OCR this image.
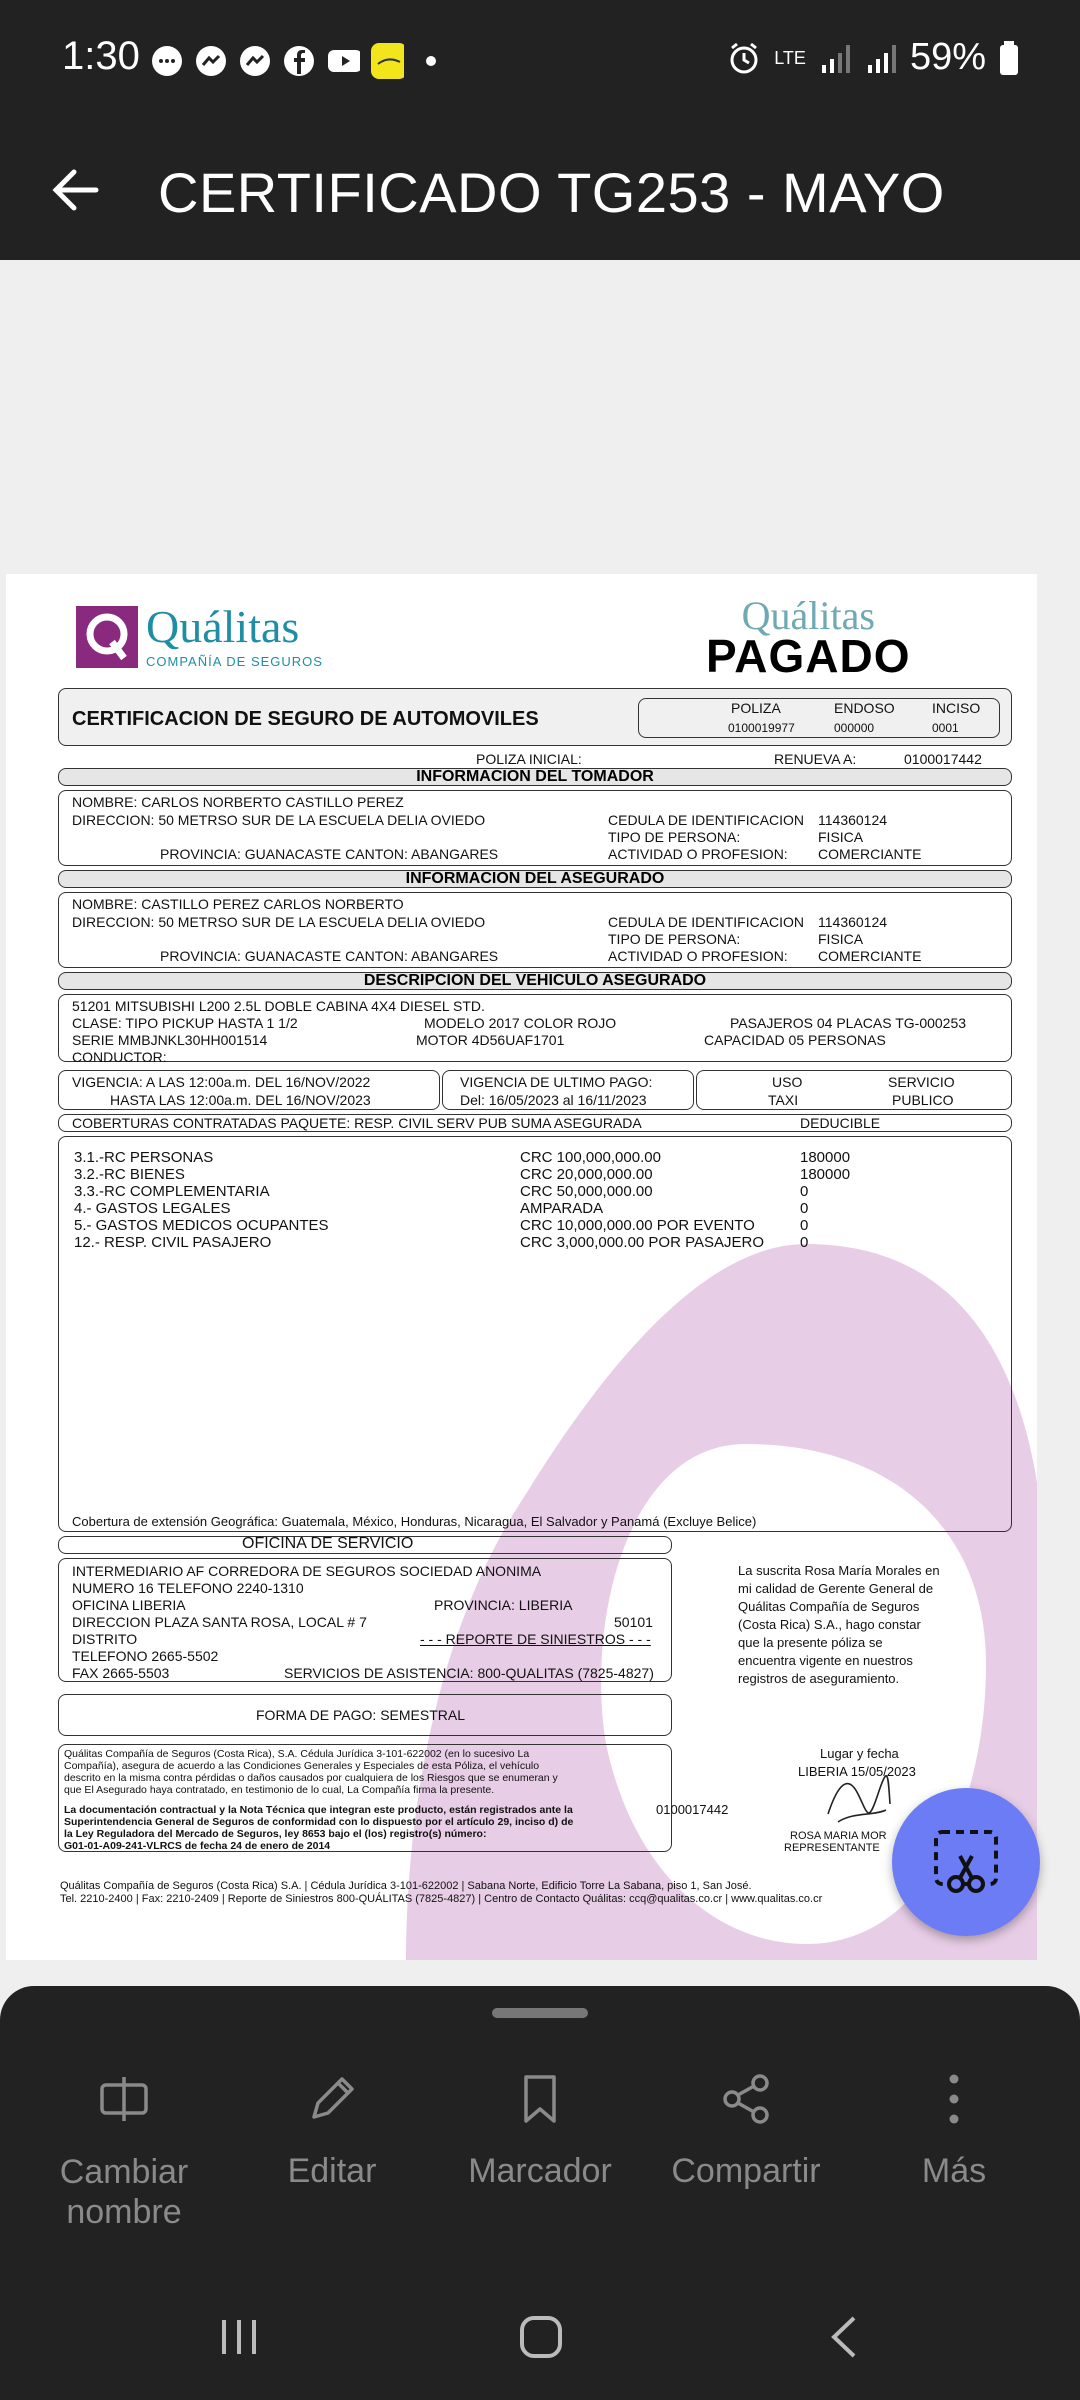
1:30	LTE	59%
CERTIFICADO TG253 - MAYO
Quálitas
COMPAÑÍA DE SEGUROS
Quálitas
PAGADO
CERTIFICACION DE SEGURO DE AUTOMOVILES	POLIZA	ENDOSO	INCISO
0100019977	000000	0001
POLIZA INICIAL:	RENUEVA A:	0100017442
INFORMACION DEL TOMADOR
NOMBRE: CARLOS NORBERTO CASTILLO PEREZ
DIRECCION: 50 METRSO SUR DE LA ESCUELA DELIA OVIEDO
PROVINCIA: GUANACASTE CANTON: ABANGARES
CEDULA DE IDENTIFICACION 114360124
TIPO DE PERSONA:	FISICA
ACTIVIDAD O PROFESION: COMERCIANTE
INFORMACION DEL ASEGURADO
NOMBRE: CASTILLO PEREZ CARLOS NORBERTO
DIRECCION: 50 METRSO SUR DE LA ESCUELA DELIA OVIEDO
PROVINCIA: GUANACASTE CANTON: ABANGARES
CEDULA DE IDENTIFICACION 114360124
TIPO DE PERSONA:	FISICA
ACTIVIDAD O PROFESION: COMERCIANTE
DESCRIPCION DEL VEHICULO ASEGURADO
51201 MITSUBISHI L200 2.5L DOBLE CABINA 4X4 DIESEL STD.
CLASE: TIPO PICKUP HASTA 1 1/2	MODELO 2017 COLOR ROJO	PASAJEROS 04 PLACAS TG-000253
SERIE MMBJNKL30HH001514	MOTOR 4D56UAF1701	CAPACIDAD 05 PERSONAS
CONDUCTOR:
VIGENCIA: A LAS 12:00a.m. DEL 16/NOV/2022
HASTA LAS 12:00a.m. DEL 16/NOV/2023
VIGENCIA DE ULTIMO PAGO:
Del: 16/05/2023 al 16/11/2023
USO
TAXI
SERVICIO
PUBLICO
COBERTURAS CONTRATADAS PAQUETE: RESP. CIVIL SERV PUB SUMA ASEGURADA	DEDUCIBLE
3.1.-RC PERSONAS	CRC 100,000,000.00	180000
3.2.-RC BIENES	CRC 20,000,000.00	180000
3.3.-RC COMPLEMENTARIA	CRC 50,000,000.00	0
4.- GASTOS LEGALES	AMPARADA	0
5.- GASTOS MEDICOS OCUPANTES	CRC 10,000,000.00 POR EVENTO	0
12.- RESP. CIVIL PASAJERO	CRC 3,000,000.00 POR PASAJERO 0
Cobertura de extensión Geográfica: Guatemala, México, Honduras, Nicaragua, El Salvador y Panamá (Excluye Belice)
OFICINA DE SERVICIO
INTERMEDIARIO AF CORREDORA DE SEGUROS SOCIEDAD ANONIMA
NUMERO 16 TELEFONO 2240-1310
OFICINA LIBERIA	PROVINCIA: LIBERIA
DIRECCION PLAZA SANTA ROSA, LOCAL # 7	50101
DISTRITO	- - - REPORTE DE SINIESTROS - - -
TELEFONO 2665-5502
FAX 2665-5503	SERVICIOS DE ASISTENCIA: 800-QUALITAS (7825-4827)
La suscrita Rosa María Morales en
mi calidad de Gerente General de
Quálitas Compañía de Seguros
(Costa Rica) S.A., hago constar
que la presente póliza se
encuentra vigente en nuestros
registros de aseguramiento.
FORMA DE PAGO: SEMESTRAL
Quálitas Compañía de Seguros (Costa Rica), S.A. Cédula Jurídica 3-101-622002 (en lo sucesivo La
Compañía), asegura de acuerdo a las Condiciones Generales y Especiales de esta Póliza, el vehículo
descrito en la misma contra pérdidas o daños causados por cualquiera de los Riesgos que se enumeran y
que El Asegurado haya contratado, en testimonio de lo cual, La Compañía firma la presente.
La documentación contractual y la Nota Técnica que integran este producto, están registrados ante la
Superintendencia General de Seguros de conformidad con lo dispuesto por el artículo 29, inciso d) de
la Ley Reguladora del Mercado de Seguros, ley 8653 bajo el (los) registro(s) número:
G01-01-A09-241-VLRCS de fecha 24 de enero de 2014
0100017442
Lugar y fecha
LIBERIA 15/05/2023
ROSA MARIA MOR
REPRESENTANTE
Quálitas Compañía de Seguros (Costa Rica) S.A. | Cédula Jurídica 3-101-622002 | Sabana Norte, Edificio Torre La Sabana, piso 1, San José.
Tel. 2210-2400 | Fax: 2210-2409 | Reporte de Siniestros 800-QUÁLITAS (7825-4827) | Centro de Contacto Quálitas: ccq@qualitas.co.cr | www.qualitas.co.cr
Cambiar
nombre
Editar	Marcador	Compartir	Más
